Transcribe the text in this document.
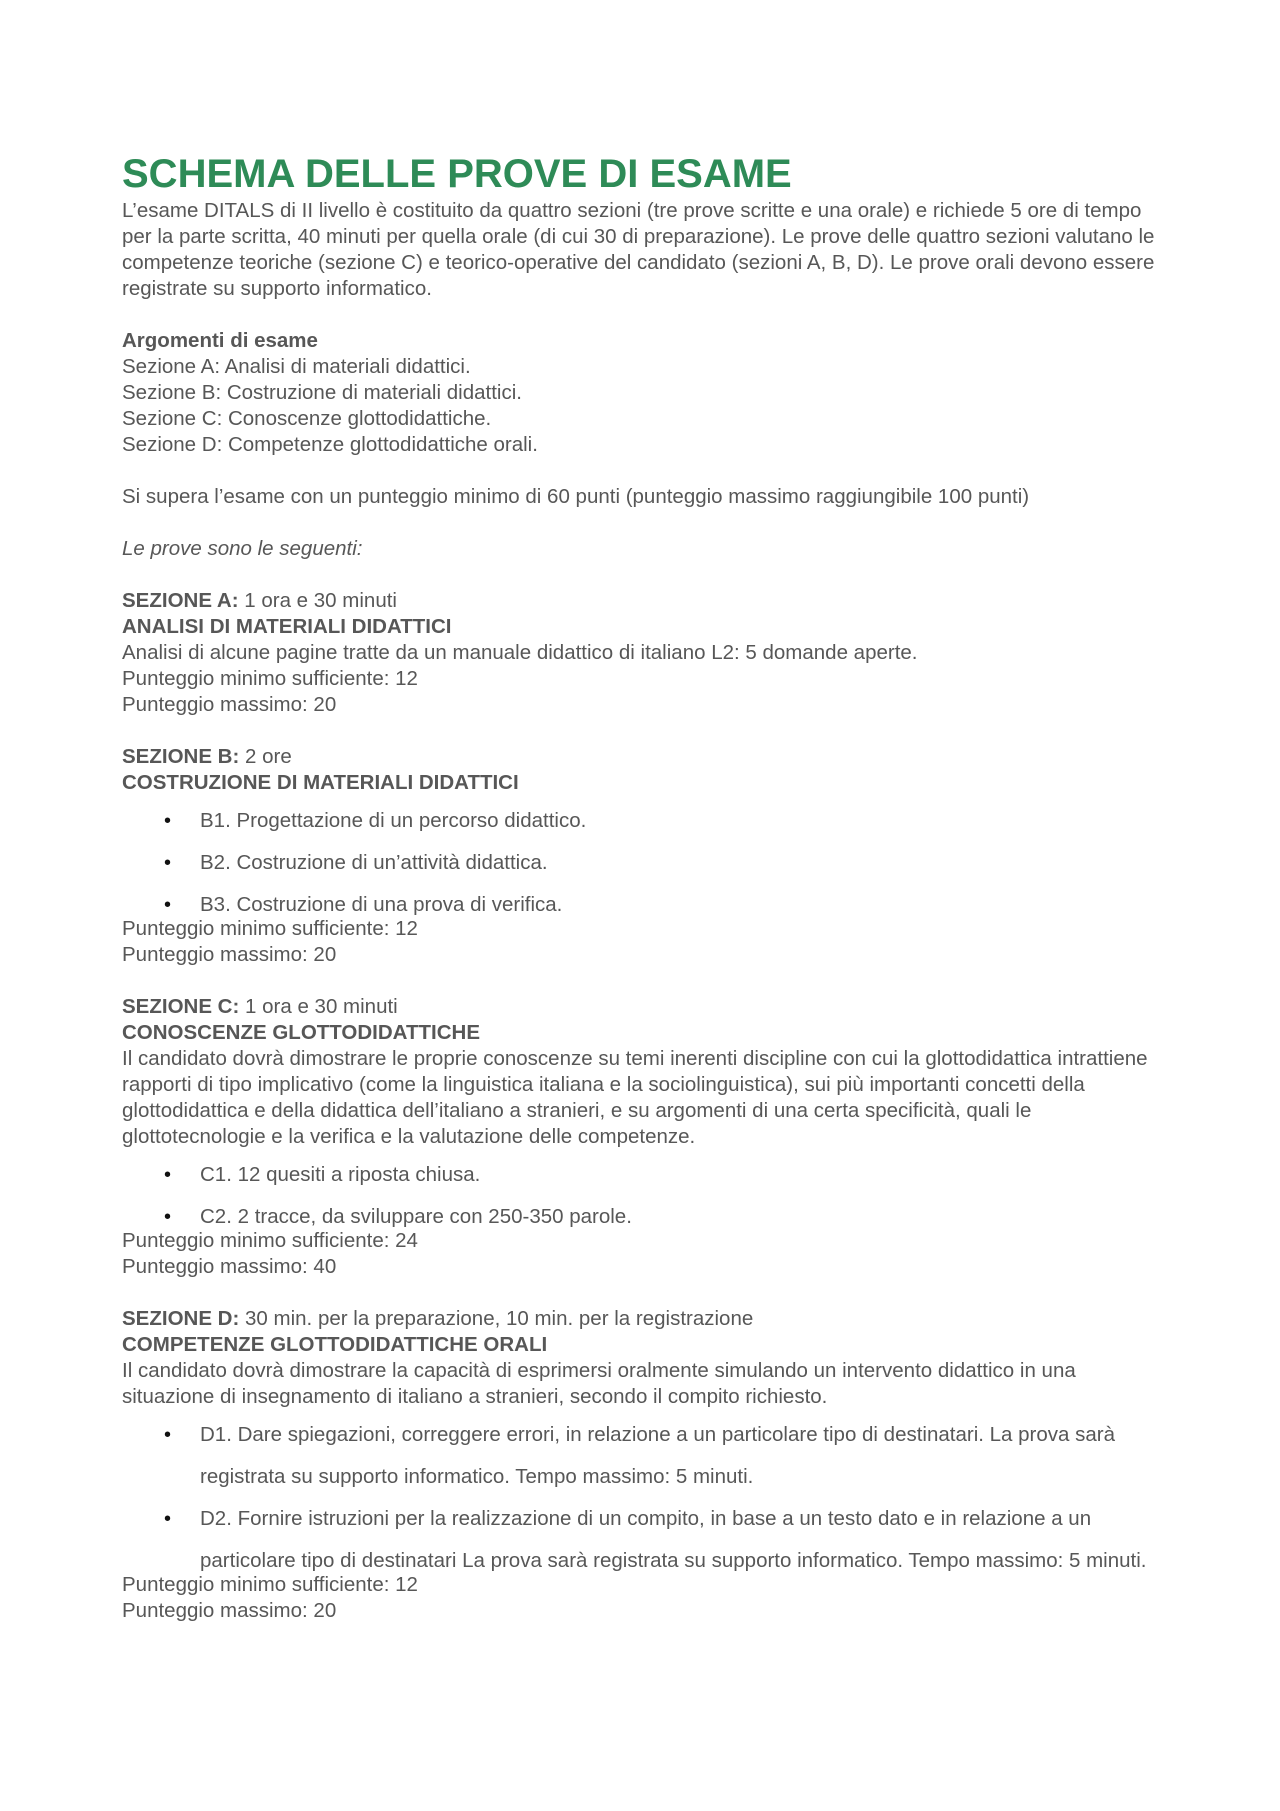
SCHEMA DELLE PROVE DI ESAME

L’esame DITALS di II livello è costituito da quattro sezioni (tre prove scritte e una orale) e richiede 5 ore di tempo per la parte scritta, 40 minuti per quella orale (di cui 30 di preparazione). Le prove delle quattro sezioni valutano le competenze teoriche (sezione C) e teorico-operative del candidato (sezioni A, B, D). Le prove orali devono essere registrate su supporto informatico.

Argomenti di esame
Sezione A: Analisi di materiali didattici.
Sezione B: Costruzione di materiali didattici.
Sezione C: Conoscenze glottodidattiche.
Sezione D: Competenze glottodidattiche orali.

Si supera l’esame con un punteggio minimo di 60 punti (punteggio massimo raggiungibile 100 punti)

Le prove sono le seguenti:

SEZIONE A: 1 ora e 30 minuti
ANALISI DI MATERIALI DIDATTICI
Analisi di alcune pagine tratte da un manuale didattico di italiano L2: 5 domande aperte.
Punteggio minimo sufficiente: 12
Punteggio massimo: 20
SEZIONE B: 2 ore
COSTRUZIONE DI MATERIALI DIDATTICI
• B1. Progettazione di un percorso didattico.
• B2. Costruzione di un’attività didattica.
• B3. Costruzione di una prova di verifica.
Punteggio minimo sufficiente: 12
Punteggio massimo: 20
SEZIONE C: 1 ora e 30 minuti
CONOSCENZE GLOTTODIDATTICHE
Il candidato dovrà dimostrare le proprie conoscenze su temi inerenti discipline con cui la glottodidattica intrattiene rapporti di tipo implicativo (come la linguistica italiana e la sociolinguistica), sui più importanti concetti della glottodidattica e della didattica dell’italiano a stranieri, e su argomenti di una certa specificità, quali le glottotecnologie e la verifica e la valutazione delle competenze.
• C1. 12 quesiti a riposta chiusa.
• C2. 2 tracce, da sviluppare con 250-350 parole.
Punteggio minimo sufficiente: 24
Punteggio massimo: 40
SEZIONE D: 30 min. per la preparazione, 10 min. per la registrazione
COMPETENZE GLOTTODIDATTICHE ORALI
Il candidato dovrà dimostrare la capacità di esprimersi oralmente simulando un intervento didattico in una situazione di insegnamento di italiano a stranieri, secondo il compito richiesto.
• D1. Dare spiegazioni, correggere errori, in relazione a un particolare tipo di destinatari. La prova sarà registrata su supporto informatico. Tempo massimo: 5 minuti.
• D2. Fornire istruzioni per la realizzazione di un compito, in base a un testo dato e in relazione a un particolare tipo di destinatari La prova sarà registrata su supporto informatico. Tempo massimo: 5 minuti.
Punteggio minimo sufficiente: 12
Punteggio massimo: 20
